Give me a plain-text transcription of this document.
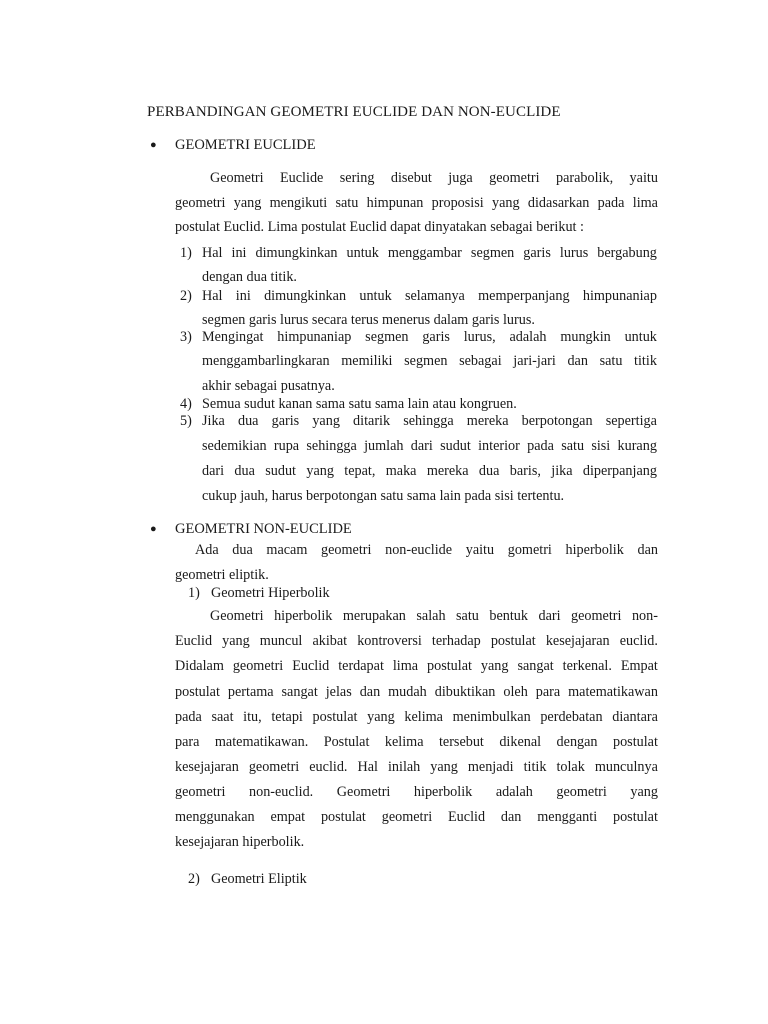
PERBANDINGAN GEOMETRI EUCLIDE DAN NON-EUCLIDE
● GEOMETRI EUCLIDE
Geometri Euclide sering disebut juga geometri parabolik, yaitu
geometri yang mengikuti satu himpunan proposisi yang didasarkan pada lima
postulat Euclid. Lima postulat Euclid dapat dinyatakan sebagai berikut :
1) Hal ini dimungkinkan untuk menggambar segmen garis lurus bergabung
dengan dua titik.
2) Hal ini dimungkinkan untuk selamanya memperpanjang himpunaniap
segmen garis lurus secara terus menerus dalam garis lurus.
3) Mengingat himpunaniap segmen garis lurus, adalah mungkin untuk
menggambarlingkaran memiliki segmen sebagai jari-jari dan satu titik
akhir sebagai pusatnya.
4) Semua sudut kanan sama satu sama lain atau kongruen.
5) Jika dua garis yang ditarik sehingga mereka berpotongan sepertiga
sedemikian rupa sehingga jumlah dari sudut interior pada satu sisi kurang
dari dua sudut yang tepat, maka mereka dua baris, jika diperpanjang
cukup jauh, harus berpotongan satu sama lain pada sisi tertentu.
● GEOMETRI NON-EUCLIDE
Ada dua macam geometri non-euclide yaitu gometri hiperbolik dan
geometri eliptik.
1) Geometri Hiperbolik
Geometri hiperbolik merupakan salah satu bentuk dari geometri non-
Euclid yang muncul akibat kontroversi terhadap postulat kesejajaran euclid.
Didalam geometri Euclid terdapat lima postulat yang sangat terkenal. Empat
postulat pertama sangat jelas dan mudah dibuktikan oleh para matematikawan
pada saat itu, tetapi postulat yang kelima menimbulkan perdebatan diantara
para matematikawan. Postulat kelima tersebut dikenal dengan postulat
kesejajaran geometri euclid. Hal inilah yang menjadi titik tolak munculnya
geometri non-euclid. Geometri hiperbolik adalah geometri yang
menggunakan empat postulat geometri Euclid dan mengganti postulat
kesejajaran hiperbolik.
2) Geometri Eliptik
